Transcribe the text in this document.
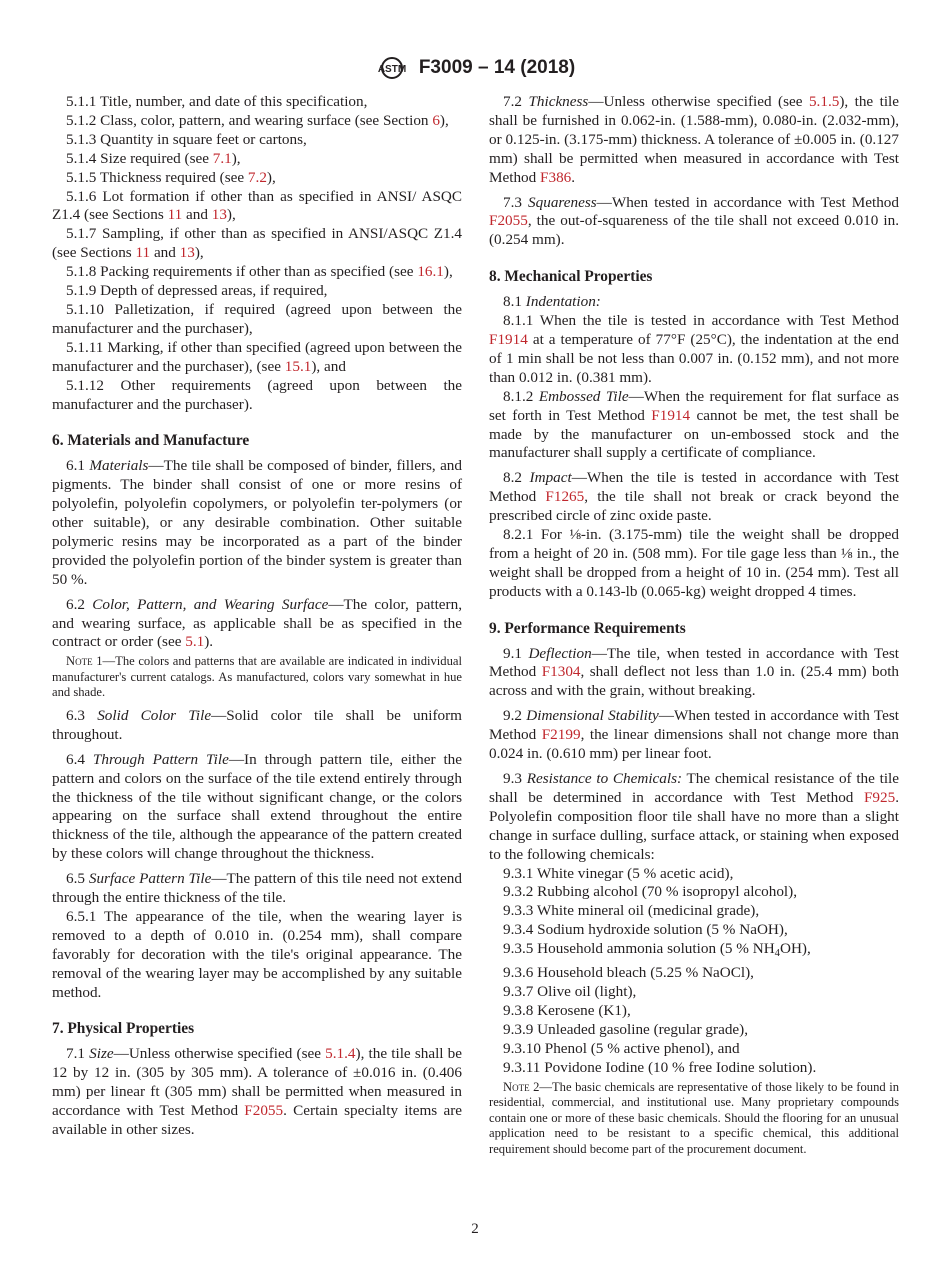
ASTM F3009 – 14 (2018)

5.1.1 Title, number, and date of this specification,

5.1.2 Class, color, pattern, and wearing surface (see Section 6),

5.1.3 Quantity in square feet or cartons,

5.1.4 Size required (see 7.1),

5.1.5 Thickness required (see 7.2),

5.1.6 Lot formation if other than as specified in ANSI/ ASQC Z1.4 (see Sections 11 and 13),

5.1.7 Sampling, if other than as specified in ANSI/ASQC Z1.4 (see Sections 11 and 13),

5.1.8 Packing requirements if other than as specified (see 16.1),

5.1.9 Depth of depressed areas, if required,

5.1.10 Palletization, if required (agreed upon between the manufacturer and the purchaser),

5.1.11 Marking, if other than specified (agreed upon between the manufacturer and the purchaser), (see 15.1), and

5.1.12 Other requirements (agreed upon between the manufacturer and the purchaser).

6. Materials and Manufacture

6.1 Materials—The tile shall be composed of binder, fillers, and pigments. The binder shall consist of one or more resins of polyolefin, polyolefin copolymers, or polyolefin ter-polymers (or other suitable), or any desirable combination. Other suitable polymeric resins may be incorporated as a part of the binder provided the polyolefin portion of the binder system is greater than 50 %.

6.2 Color, Pattern, and Wearing Surface—The color, pattern, and wearing surface, as applicable shall be as specified in the contract or order (see 5.1).

Note 1—The colors and patterns that are available are indicated in individual manufacturer's current catalogs. As manufactured, colors vary somewhat in hue and shade.

6.3 Solid Color Tile—Solid color tile shall be uniform throughout.

6.4 Through Pattern Tile—In through pattern tile, either the pattern and colors on the surface of the tile extend entirely through the thickness of the tile without significant change, or the colors appearing on the surface shall extend throughout the entire thickness of the tile, although the appearance of the pattern created by these colors will change throughout the thickness.

6.5 Surface Pattern Tile—The pattern of this tile need not extend through the entire thickness of the tile.

6.5.1 The appearance of the tile, when the wearing layer is removed to a depth of 0.010 in. (0.254 mm), shall compare favorably for decoration with the tile's original appearance. The removal of the wearing layer may be accomplished by any suitable method.

7. Physical Properties

7.1 Size—Unless otherwise specified (see 5.1.4), the tile shall be 12 by 12 in. (305 by 305 mm). A tolerance of ±0.016 in. (0.406 mm) per linear ft (305 mm) shall be permitted when measured in accordance with Test Method F2055. Certain specialty items are available in other sizes.

7.2 Thickness—Unless otherwise specified (see 5.1.5), the tile shall be furnished in 0.062-in. (1.588-mm), 0.080-in. (2.032-mm), or 0.125-in. (3.175-mm) thickness. A tolerance of ±0.005 in. (0.127 mm) shall be permitted when measured in accordance with Test Method F386.

7.3 Squareness—When tested in accordance with Test Method F2055, the out-of-squareness of the tile shall not exceed 0.010 in. (0.254 mm).

8. Mechanical Properties

8.1 Indentation:

8.1.1 When the tile is tested in accordance with Test Method F1914 at a temperature of 77°F (25°C), the indentation at the end of 1 min shall be not less than 0.007 in. (0.152 mm), and not more than 0.012 in. (0.381 mm).

8.1.2 Embossed Tile—When the requirement for flat surface as set forth in Test Method F1914 cannot be met, the test shall be made by the manufacturer on un-embossed stock and the manufacturer shall supply a certificate of compliance.

8.2 Impact—When the tile is tested in accordance with Test Method F1265, the tile shall not break or crack beyond the prescribed circle of zinc oxide paste.

8.2.1 For ⅛-in. (3.175-mm) tile the weight shall be dropped from a height of 20 in. (508 mm). For tile gage less than ⅛ in., the weight shall be dropped from a height of 10 in. (254 mm). Test all products with a 0.143-lb (0.065-kg) weight dropped 4 times.

9. Performance Requirements

9.1 Deflection—The tile, when tested in accordance with Test Method F1304, shall deflect not less than 1.0 in. (25.4 mm) both across and with the grain, without breaking.

9.2 Dimensional Stability—When tested in accordance with Test Method F2199, the linear dimensions shall not change more than 0.024 in. (0.610 mm) per linear foot.

9.3 Resistance to Chemicals: The chemical resistance of the tile shall be determined in accordance with Test Method F925. Polyolefin composition floor tile shall have no more than a slight change in surface dulling, surface attack, or staining when exposed to the following chemicals:

9.3.1 White vinegar (5 % acetic acid),

9.3.2 Rubbing alcohol (70 % isopropyl alcohol),

9.3.3 White mineral oil (medicinal grade),

9.3.4 Sodium hydroxide solution (5 % NaOH),

9.3.5 Household ammonia solution (5 % NH4OH),

9.3.6 Household bleach (5.25 % NaOCl),

9.3.7 Olive oil (light),

9.3.8 Kerosene (K1),

9.3.9 Unleaded gasoline (regular grade),

9.3.10 Phenol (5 % active phenol), and

9.3.11 Povidone Iodine (10 % free Iodine solution).

Note 2—The basic chemicals are representative of those likely to be found in residential, commercial, and institutional use. Many proprietary compounds contain one or more of these basic chemicals. Should the flooring for an unusual application need to be resistant to a specific chemical, this additional requirement should become part of the procurement document.

2
